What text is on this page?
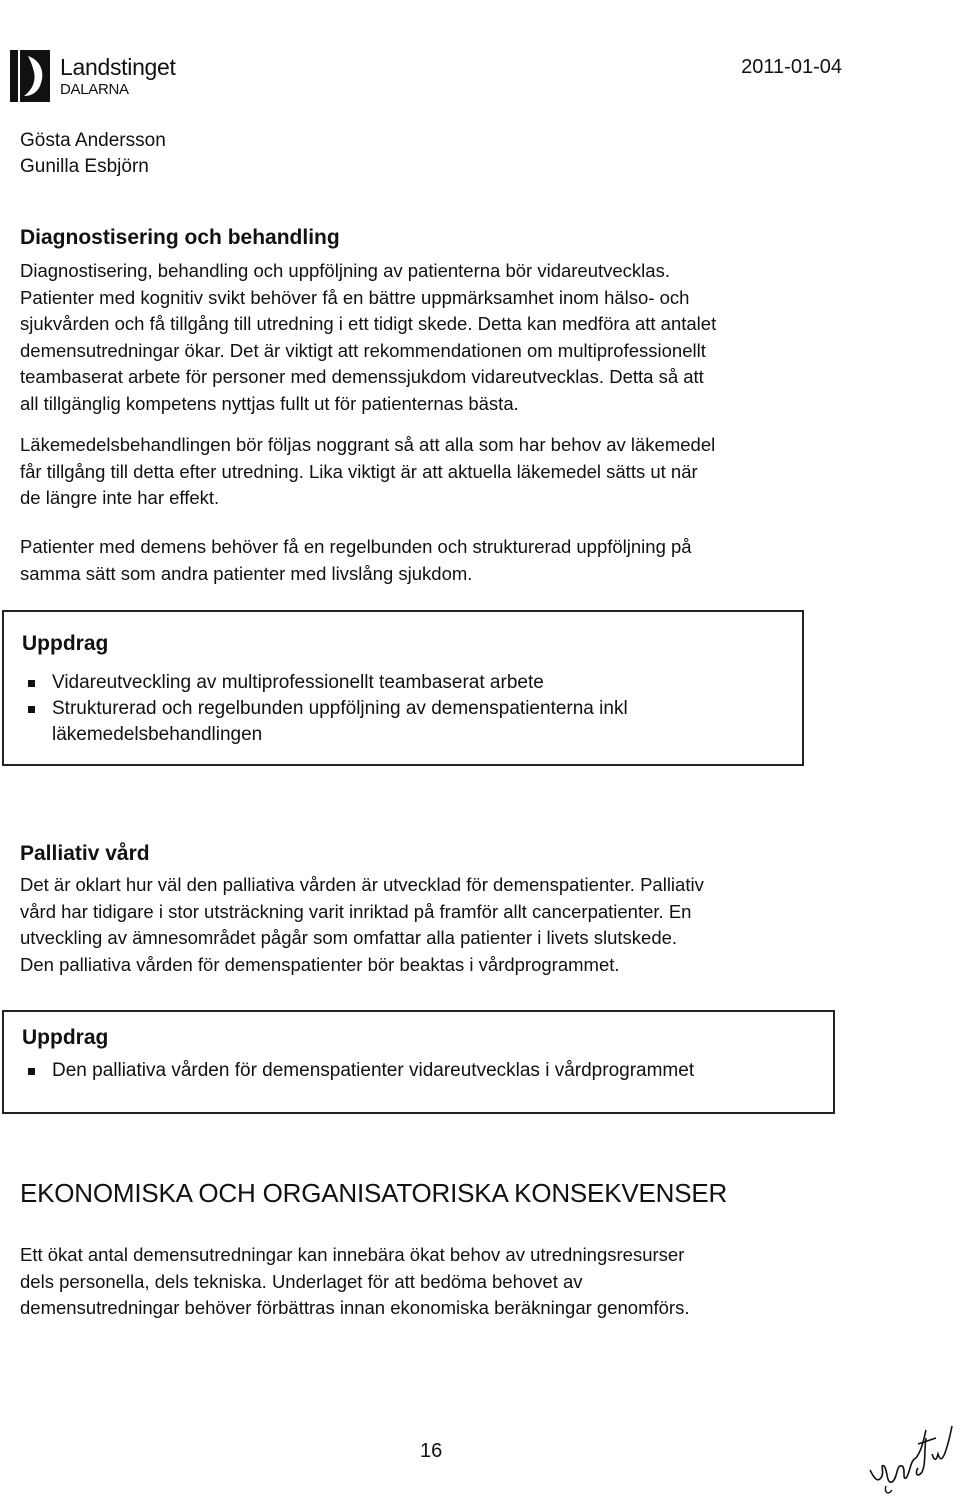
Landstinget
DALARNA
2011-01-04
Gösta Andersson
Gunilla Esbjörn
Diagnostisering och behandling

Diagnostisering, behandling och uppföljning av patienterna bör vidareutvecklas.

Patienter med kognitiv svikt behöver få en bättre uppmärksamhet inom hälso- och

sjukvården och få tillgång till utredning i ett tidigt skede. Detta kan medföra att antalet

demensutredningar ökar. Det är viktigt att rekommendationen om multiprofessionellt

teambaserat arbete för personer med demenssjukdom vidareutvecklas. Detta så att

all tillgänglig kompetens nyttjas fullt ut för patienternas bästa.

Läkemedelsbehandlingen bör följas noggrant så att alla som har behov av läkemedel

får tillgång till detta efter utredning. Lika viktigt är att aktuella läkemedel sätts ut när

de längre inte har effekt.

Patienter med demens behöver få en regelbunden och strukturerad uppföljning på

samma sätt som andra patienter med livslång sjukdom.

Uppdrag
Vidareutveckling av multiprofessionellt teambaserat arbete
Strukturerad och regelbunden uppföljning av demenspatienterna inkl läkemedelsbehandlingen
Palliativ vård

Det är oklart hur väl den palliativa vården är utvecklad för demenspatienter. Palliativ

vård har tidigare i stor utsträckning varit inriktad på framför allt cancerpatienter. En

utveckling av ämnesområdet pågår som omfattar alla patienter i livets slutskede.

Den palliativa vården för demenspatienter bör beaktas i vårdprogrammet.

Uppdrag
Den palliativa vården för demenspatienter vidareutvecklas i vårdprogrammet
EKONOMISKA OCH ORGANISATORISKA KONSEKVENSER

Ett ökat antal demensutredningar kan innebära ökat behov av utredningsresurser

dels personella, dels tekniska. Underlaget för att bedöma behovet av

demensutredningar behöver förbättras innan ekonomiska beräkningar genomförs.

16
